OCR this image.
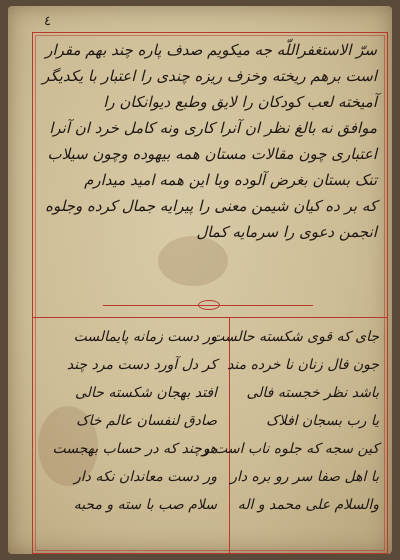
٤
سرّ الاستغفراللّه جه میکویم صدف پاره چند بهم مقرار
است برهم ریخته وخزف ریزه چندی را اعتبار با یکدیگر
آمیخته لعب کودکان را لایق وطبع دیوانکان را
موافق نه بالغ نظر ان آنرا کاری ونه کامل خرد ان آنرا
اعتباری چون مقالات مستان همه بیهوده وچون سیلاب
تنک بستان بغرض آلوده وبا این همه امید میدارم
که بر ده کیان شیمن معنی را پیرایه جمال کرده وجلوه
انجمن دعوی را سرمایه کمال
جای که قوی شکسته حالست
جون فال زنان نا خرده مند
باشد نظر خجسته فالی
یا رب بسجان افلاک
کین سجه که جلوه ناب است و
با اهل صفا سر رو بره دار
والسلام علی محمد و اله
ور دست زمانه پایمالست
کر دل آورد دست مرد چند
افتد بهجان شکسته حالی
صادق لنفسان عالم خاک
هرچند که در حساب بهجست
ور دست معاندان نکه دار
سلام صب با سته و محبه
